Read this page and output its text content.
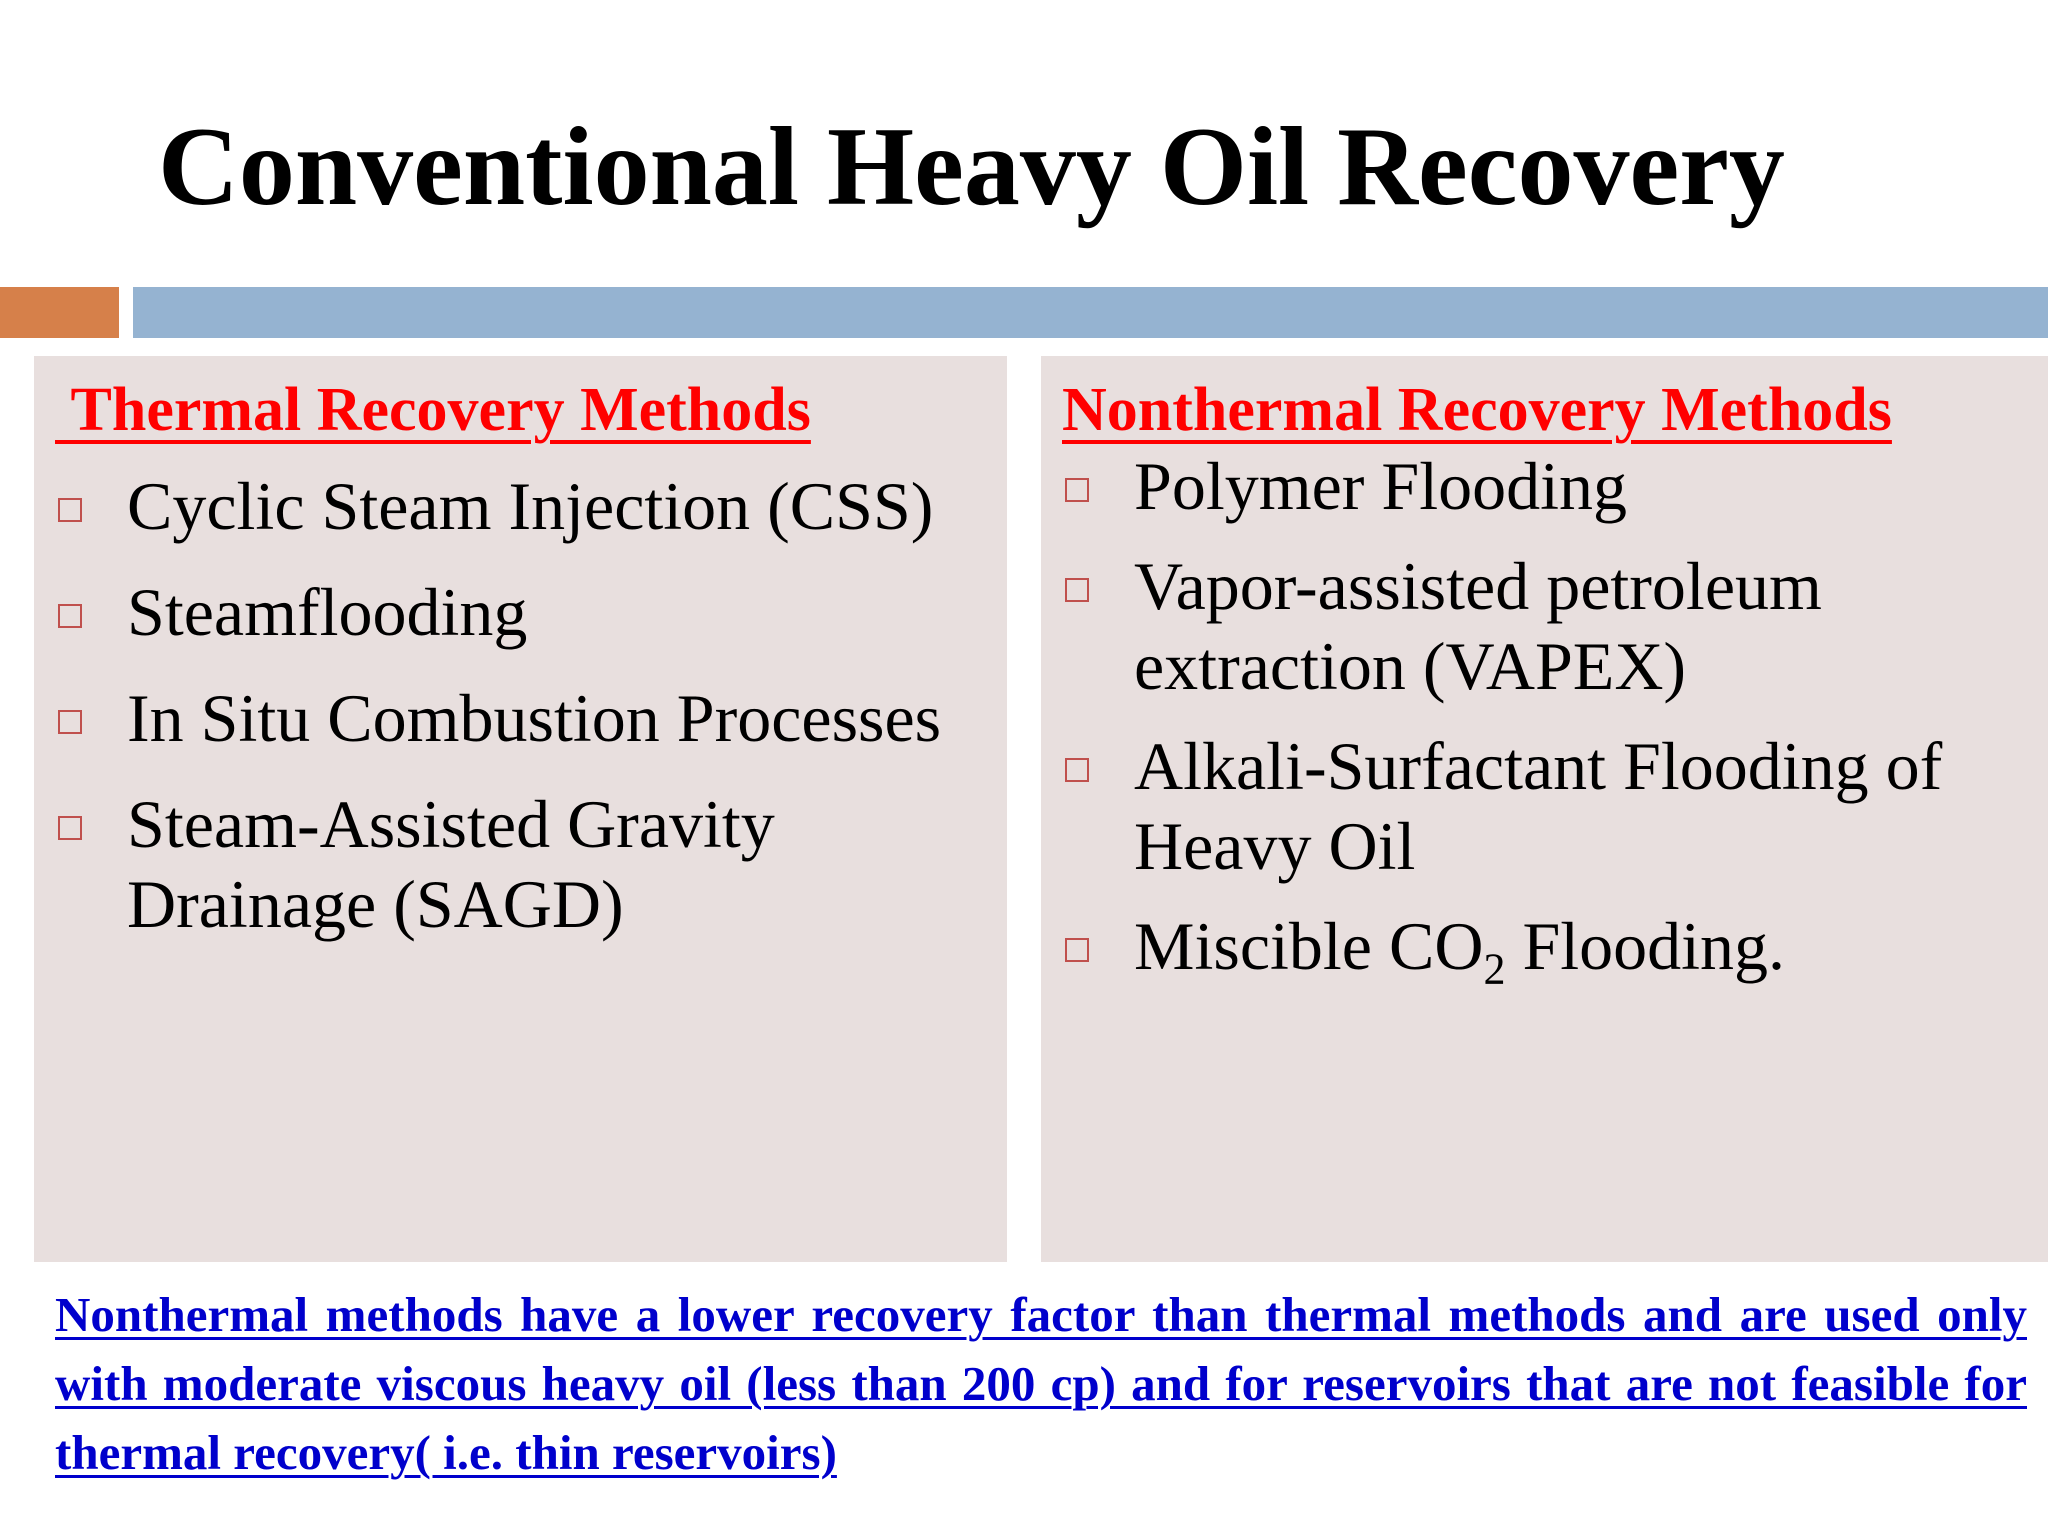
Conventional Heavy Oil Recovery
Thermal Recovery Methods
Cyclic Steam Injection (CSS)
Steamflooding
In Situ Combustion Processes
Steam-Assisted Gravity Drainage (SAGD)
Nonthermal Recovery Methods
Polymer Flooding
Vapor-assisted petroleum extraction (VAPEX)
Alkali-Surfactant Flooding of Heavy Oil
Miscible $CO_2$ Flooding.

Nonthermal methods have a lower recovery factor than thermal methods and are used only with moderate viscous heavy oil (less than 200 cp) and for reservoirs that are not feasible for thermal recovery( i.e. thin reservoirs)
